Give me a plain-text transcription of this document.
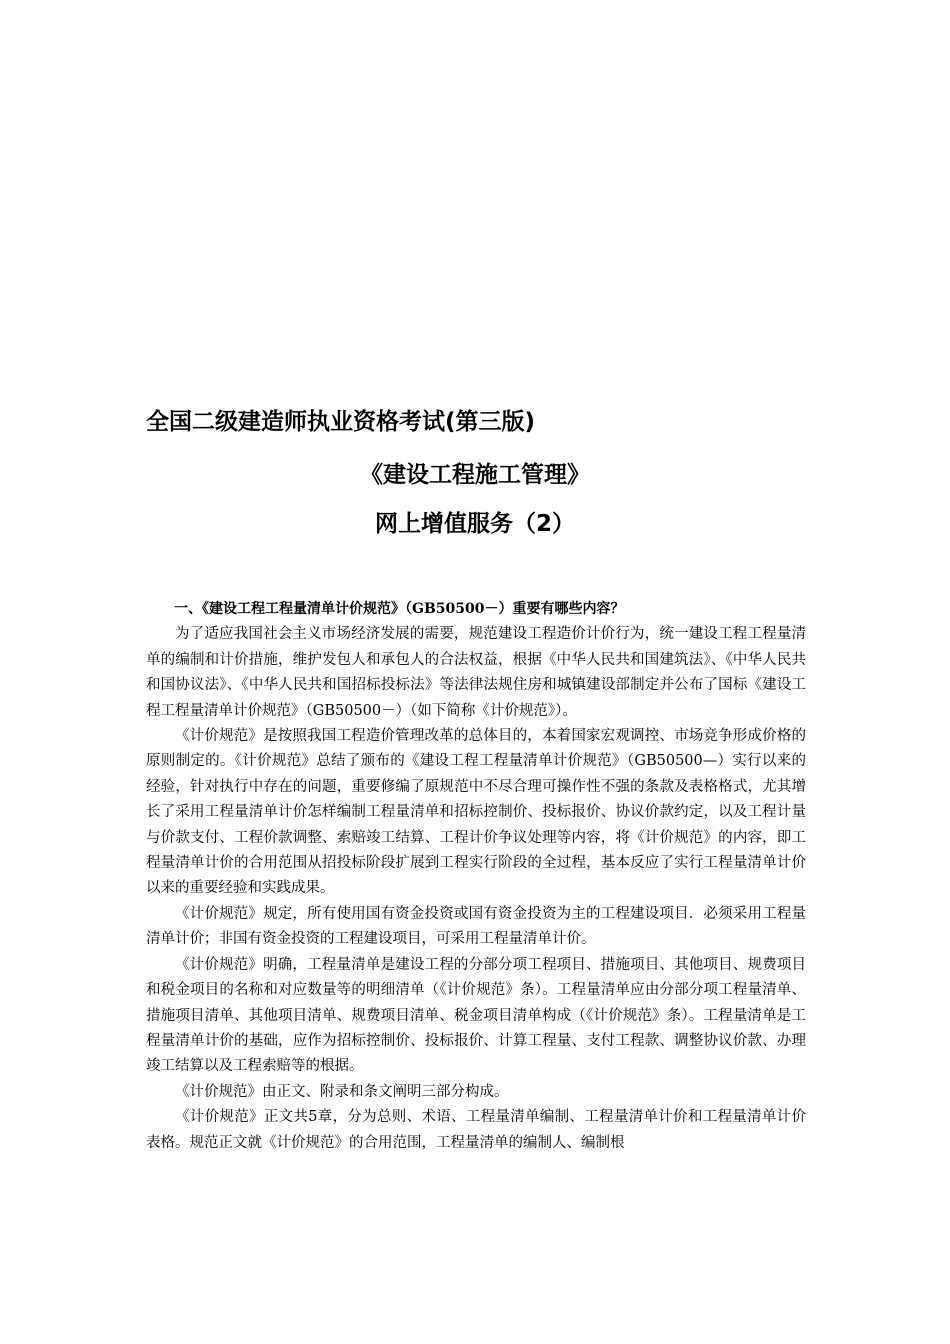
全国二级建造师执业资格考试(第三版)
《建设工程施工管理》
网上增值服务（2）

一、《建设工程工程量清单计价规范》（GB50500－）重要有哪些内容？

为了适应我国社会主义市场经济发展的需要，规范建设工程造价计价行为，统一建设工程工程量清单的编制和计价措施，维护发包人和承包人的合法权益，根据《中华人民共和国建筑法》、《中华人民共和国协议法》、《中华人民共和国招标投标法》等法律法规住房和城镇建设部制定并公布了国标《建设工程工程量清单计价规范》（GB50500－）（如下简称《计价规范》）。

《计价规范》是按照我国工程造价管理改革的总体目的，本着国家宏观调控、市场竞争形成价格的原则制定的。《计价规范》总结了颁布的《建设工程工程量清单计价规范》（GB50500—）实行以来的经验，针对执行中存在的问题，重要修编了原规范中不尽合理可操作性不强的条款及表格格式，尤其增长了采用工程量清单计价怎样编制工程量清单和招标控制价、投标报价、协议价款约定，以及工程计量与价款支付、工程价款调整、索赔竣工结算、工程计价争议处理等内容，将《计价规范》的内容，即工程量清单计价的合用范围从招投标阶段扩展到工程实行阶段的全过程，基本反应了实行工程量清单计价以来的重要经验和实践成果。

《计价规范》规定，所有使用国有资金投资或国有资金投资为主的工程建设项目．必须采用工程量清单计价；非国有资金投资的工程建设项目，可采用工程量清单计价。

《计价规范》明确，工程量清单是建设工程的分部分项工程项目、措施项目、其他项目、规费项目和税金项目的名称和对应数量等的明细清单（《计价规范》条）。工程量清单应由分部分项工程量清单、措施项目清单、其他项目清单、规费项目清单、税金项目清单构成（《计价规范》条）。工程量清单是工程量清单计价的基础，应作为招标控制价、投标报价、计算工程量、支付工程款、调整协议价款、办理竣工结算以及工程索赔等的根据。

《计价规范》由正文、附录和条文阐明三部分构成。

《计价规范》正文共5章，分为总则、术语、工程量清单编制、工程量清单计价和工程量清单计价表格。规范正文就《计价规范》的合用范围，工程量清单的编制人、编制根
